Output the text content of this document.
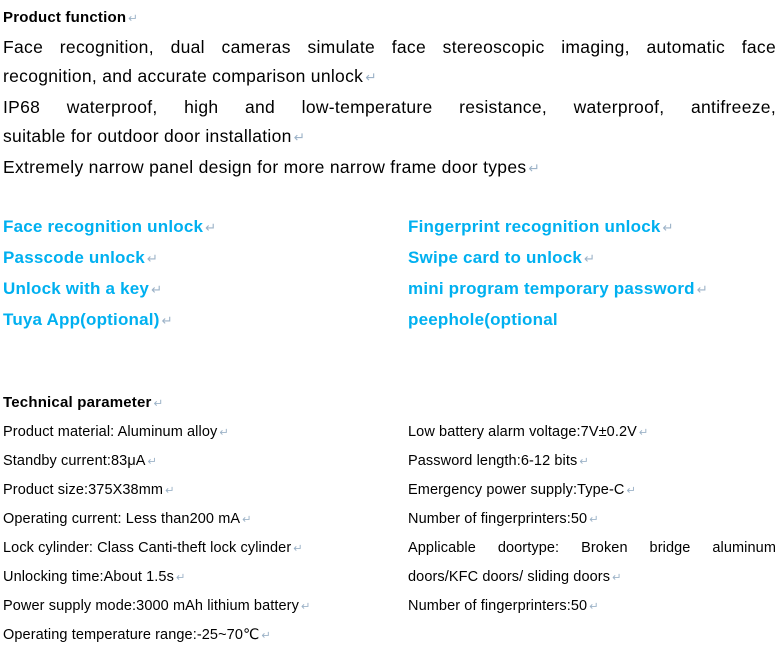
Product function ↵
Face recognition, dual cameras simulate face stereoscopic imaging, automatic face
recognition, and accurate comparison unlock ↵
IP68 waterproof, high and low-temperature resistance, waterproof, antifreeze,
suitable for outdoor door installation ↵
Extremely narrow panel design for more narrow frame door types ↵
Face recognition unlock ↵
Passcode unlock ↵
Unlock with a key ↵
Tuya App(optional) ↵
Fingerprint recognition unlock ↵
Swipe card to unlock ↵
mini program temporary password ↵
peephole(optional
Technical parameter ↵
Product material: Aluminum alloy ↵
Standby current:83μA ↵
Product size:375X38mm ↵
Operating current: Less than200 mA ↵
Lock cylinder: Class Canti-theft lock cylinder ↵
Unlocking time:About 1.5s ↵
Power supply mode:3000 mAh lithium battery ↵
Operating temperature range:-25~70℃ ↵
Low battery alarm voltage:7V±0.2V ↵
Password length:6-12 bits ↵
Emergency power supply:Type-C ↵
Number of fingerprinters:50 ↵
Applicable doortype: Broken bridge aluminum
doors/KFC doors/ sliding doors ↵
Number of fingerprinters:50 ↵
